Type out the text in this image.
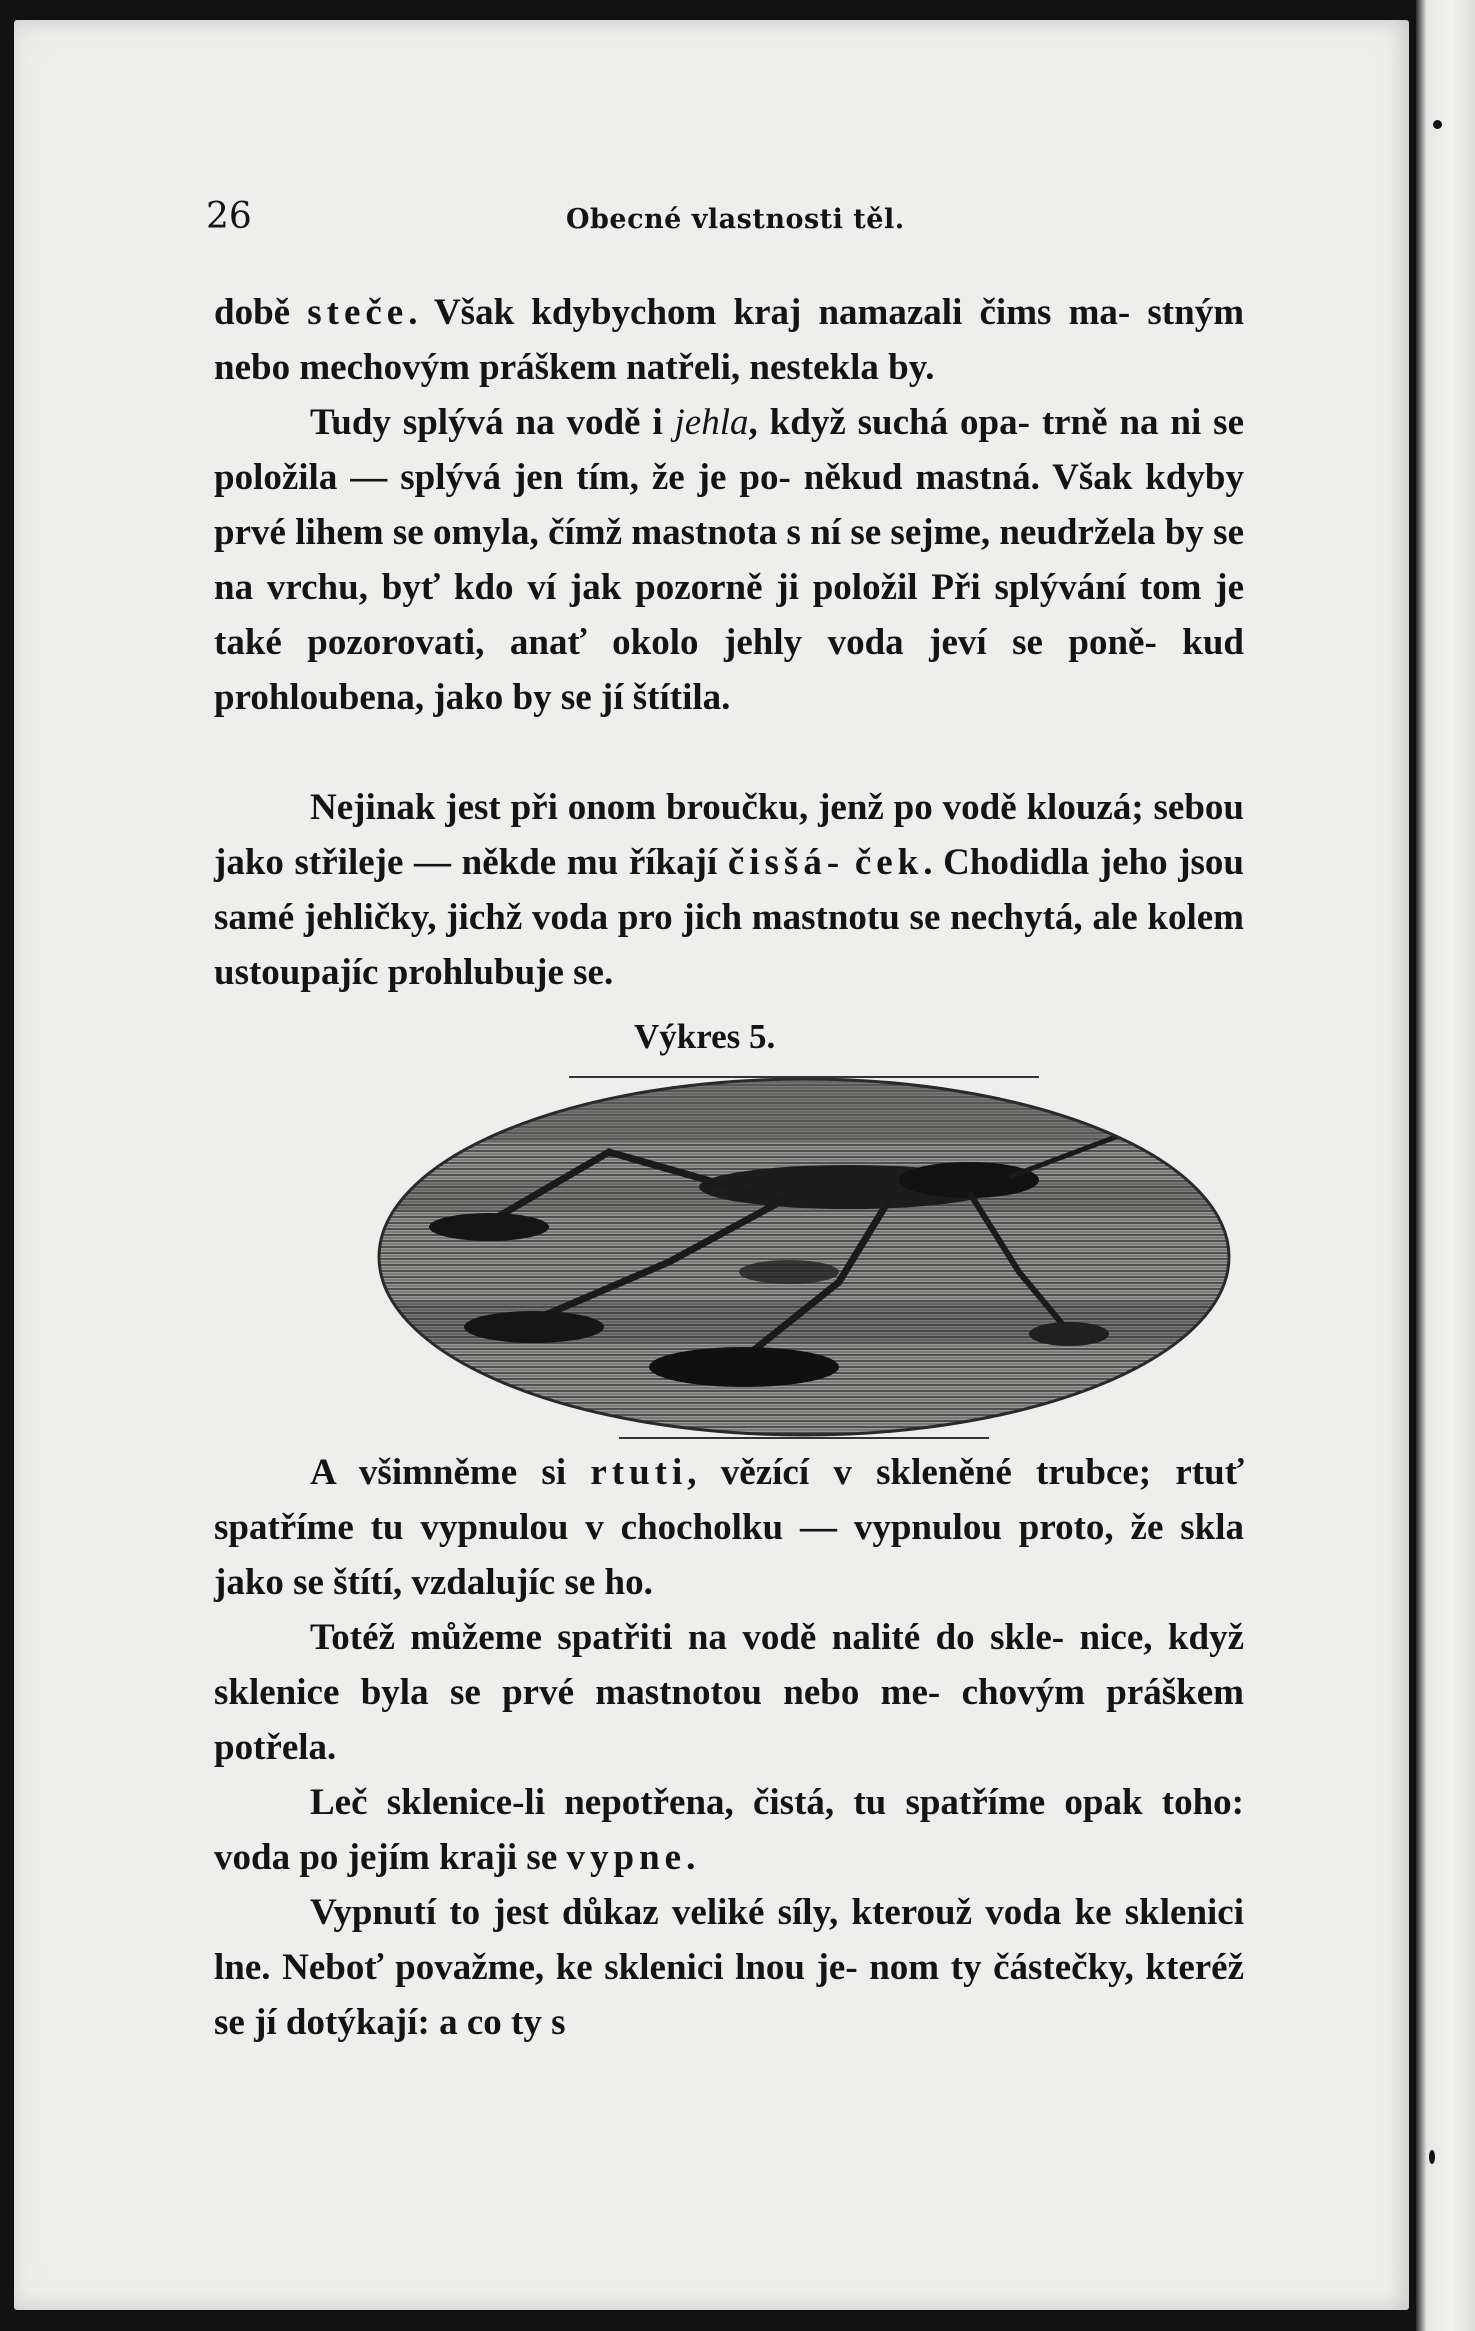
26	Obecné vlastnosti těl.

době steče. Však kdybychom kraj namazali čims ma- stným nebo mechovým práškem natřeli, nestekla by.

Tudy splývá na vodě i jehla, když suchá opa- trně na ni se položila — splývá jen tím, že je po- někud mastná. Však kdyby prvé lihem se omyla, čímž mastnota s ní se sejme, neudržela by se na vrchu, byť kdo ví jak pozorně ji položil Při splývání tom je také pozorovati, anať okolo jehly voda jeví se poně- kud prohloubena, jako by se jí štítila.

Nejinak jest při onom broučku, jenž po vodě klouzá; sebou jako střileje — někde mu říkají čisšá- ček. Chodidla jeho jsou samé jehličky, jichž voda pro jich mastnotu se nechytá, ale kolem ustoupajíc prohlubuje se.

Výkres 5.

A všimněme si rtuti, vězící v skleněné trubce; rtuť spatříme tu vypnulou v chocholku — vypnulou proto, že skla jako se štítí, vzdalujíc se ho.

Totéž můžeme spatřiti na vodě nalité do skle- nice, když sklenice byla se prvé mastnotou nebo me- chovým práškem potřela.

Leč sklenice-li nepotřena, čistá, tu spatříme opak toho: voda po jejím kraji se vypne.

Vypnutí to jest důkaz veliké síly, kterouž voda ke sklenici lne. Neboť považme, ke sklenici lnou je- nom ty částečky, kteréž se jí dotýkají: a co ty s
